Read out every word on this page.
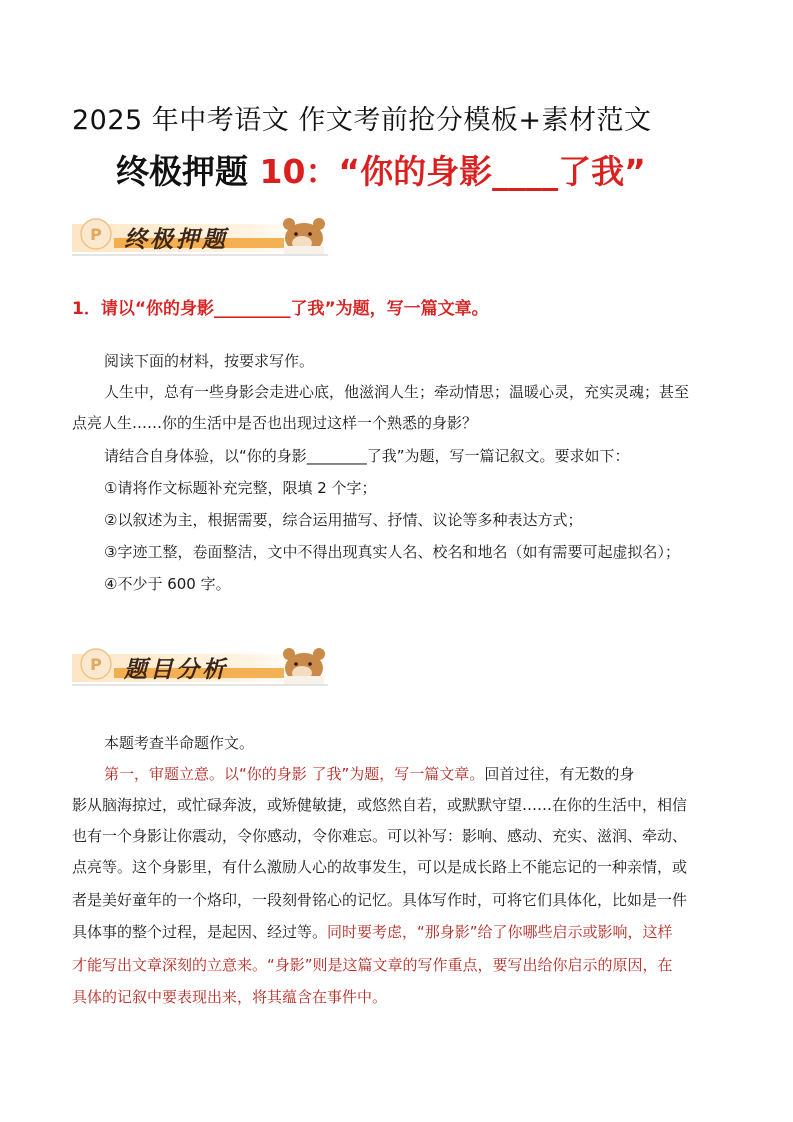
2025 年中考语文 作文考前抢分模板+素材范文
终极押题 10：“你的身影____了我”
P 终极押题
1．请以“你的身影_________了我”为题，写一篇文章。
阅读下面的材料，按要求写作。
人生中，总有一些身影会走进心底，他滋润人生；牵动情思；温暖心灵，充实灵魂；甚至
点亮人生……你的生活中是否也出现过这样一个熟悉的身影？
请结合自身体验，以“你的身影________了我”为题，写一篇记叙文。要求如下：
①请将作文标题补充完整，限填 2 个字；
②以叙述为主，根据需要，综合运用描写、抒情、议论等多种表达方式；
③字迹工整，卷面整洁，文中不得出现真实人名、校名和地名（如有需要可起虚拟名）；
④不少于 600 字。
P 题目分析
本题考查半命题作文。
第一，审题立意。以“你的身影 了我”为题，写一篇文章。回首过往，有无数的身
影从脑海掠过，或忙碌奔波，或矫健敏捷，或悠然自若，或默默守望……在你的生活中，相信
也有一个身影让你震动，令你感动，令你难忘。可以补写：影响、感动、充实、滋润、牵动、
点亮等。这个身影里，有什么激励人心的故事发生，可以是成长路上不能忘记的一种亲情，或
者是美好童年的一个烙印，一段刻骨铭心的记忆。具体写作时，可将它们具体化，比如是一件
具体事的整个过程，是起因、经过等。同时要考虑，“那身影”给了你哪些启示或影响，这样
才能写出文章深刻的立意来。“身影”则是这篇文章的写作重点，要写出给你启示的原因，在
具体的记叙中要表现出来，将其蕴含在事件中。
